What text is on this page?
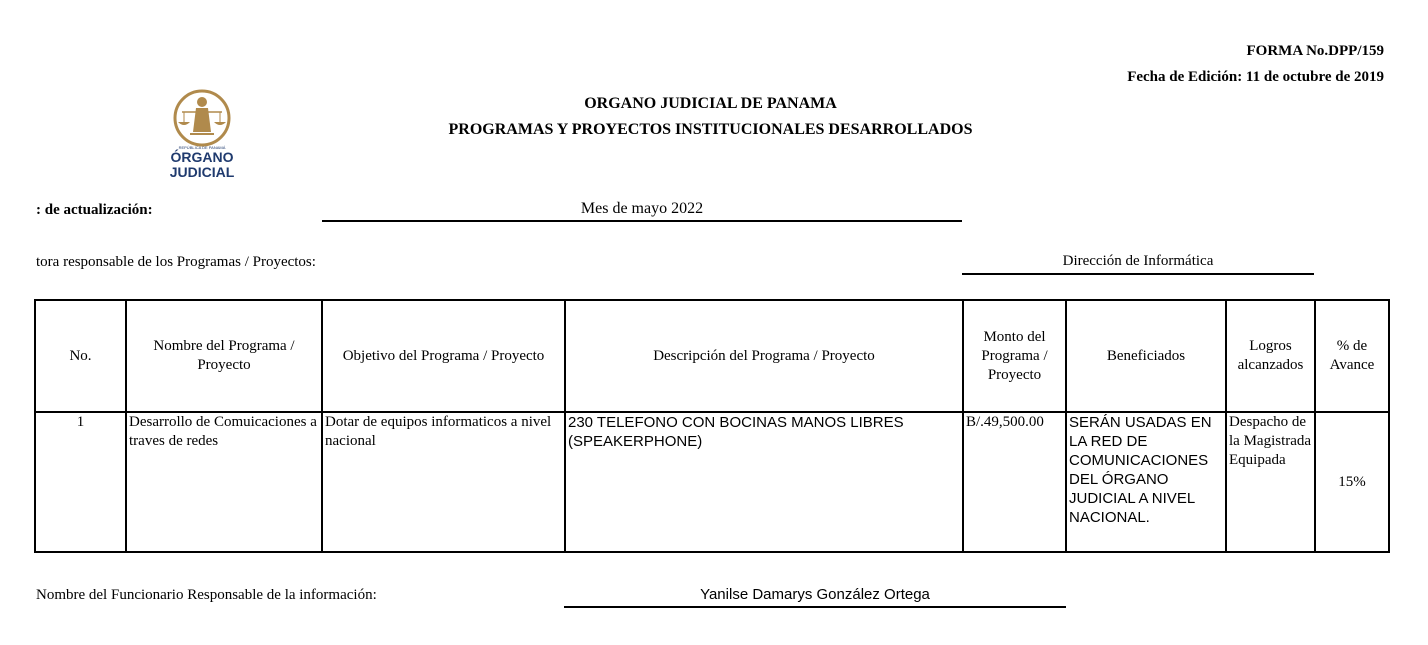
FORMA No.DPP/159
Fecha de Edición: 11 de octubre de 2019
REPÚBLICA DE PANAMÁ
ÓRGANO
JUDICIAL
ORGANO JUDICIAL DE PANAMA
PROGRAMAS Y PROYECTOS INSTITUCIONALES DESARROLLADOS
: de actualización:	Mes de mayo 2022
tora responsable de los Programas / Proyectos:	Dirección de Informática
No.	Nombre del Programa / Proyecto	Objetivo del Programa / Proyecto	Descripción del Programa / Proyecto	Monto del Programa / Proyecto	Beneficiados	Logros alcanzados	% de Avance
1	Desarrollo de Comuicaciones a traves de redes	Dotar de equipos informaticos a nivel nacional	230 TELEFONO CON BOCINAS MANOS LIBRES (SPEAKERPHONE)	B/.49,500.00	SERÁN USADAS EN LA RED DE COMUNICACIONES DEL ÓRGANO JUDICIAL A NIVEL NACIONAL.	Despacho de la Magistrada Equipada	15%
Nombre del Funcionario Responsable de la información:	Yanilse Damarys González Ortega
